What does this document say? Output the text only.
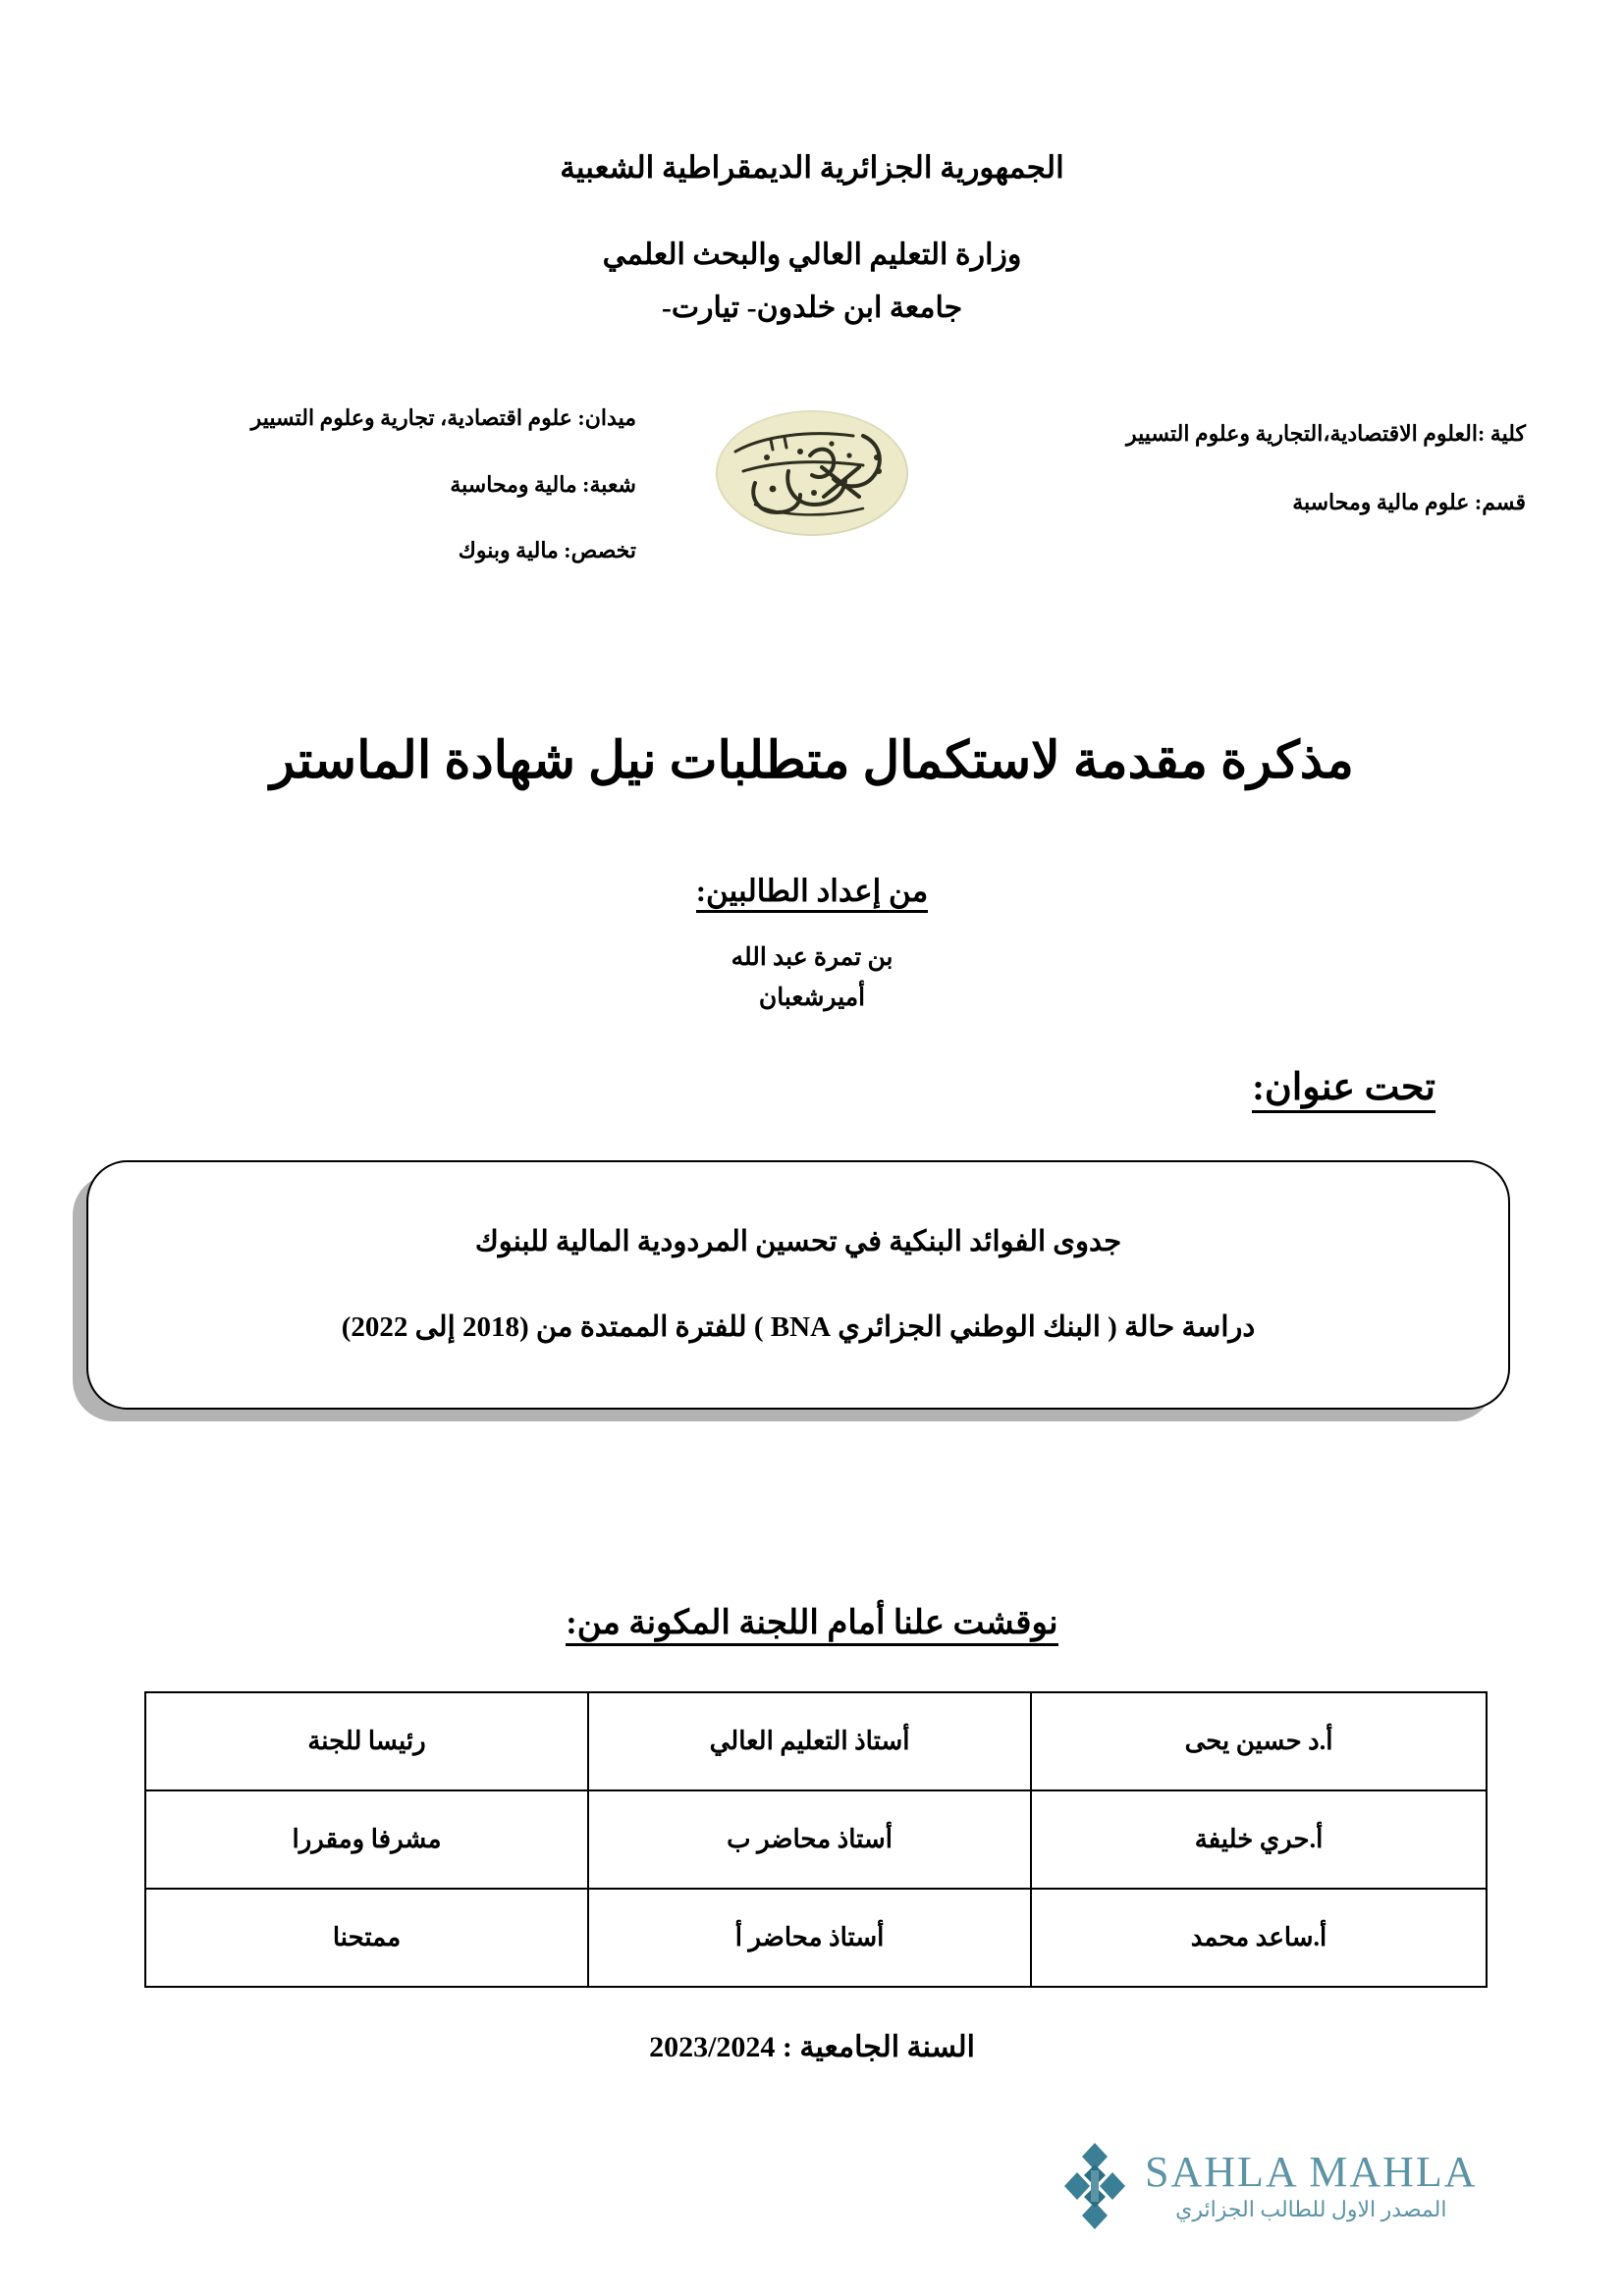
الجمهورية الجزائرية الديمقراطية الشعبية
وزارة التعليم العالي والبحث العلمي
جامعة ابن خلدون- تيارت-
كلية :العلوم الاقتصادية،التجارية وعلوم التسيير
قسم: علوم مالية ومحاسبة
ميدان: علوم اقتصادية، تجارية وعلوم التسيير
شعبة: مالية ومحاسبة
تخصص: مالية وبنوك
مذكرة مقدمة لاستكمال متطلبات نيل شهادة الماستر
من إعداد الطالبين:
بن تمرة عبد الله
أميرشعبان
تحت عنوان:
جدوى الفوائد البنكية في تحسين المردودية المالية للبنوك
دراسة حالة ( البنك الوطني الجزائري BNA ) للفترة الممتدة من (2018 إلى 2022)
نوقشت علنا أمام اللجنة المكونة من:
أ.د حسين يحى	أستاذ التعليم العالي	رئيسا للجنة
أ.حري خليفة	أستاذ محاضر ب	مشرفا ومقررا
أ.ساعد محمد	أستاذ محاضر أ	ممتحنا
السنة الجامعية : 2023/2024
SAHLA MAHLA
المصدر الاول للطالب الجزائري
